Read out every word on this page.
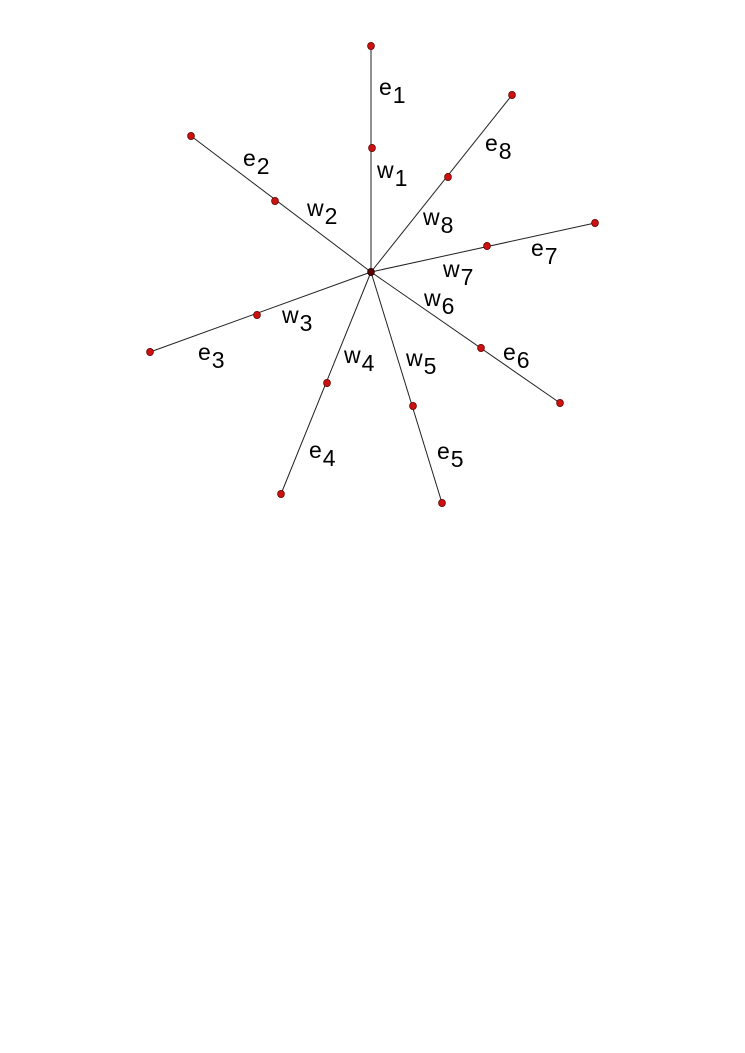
e1
w1
e2
w2
e3
w3
e4
w4
e5
w5
e6
w6
e7
w7
e8
w8
